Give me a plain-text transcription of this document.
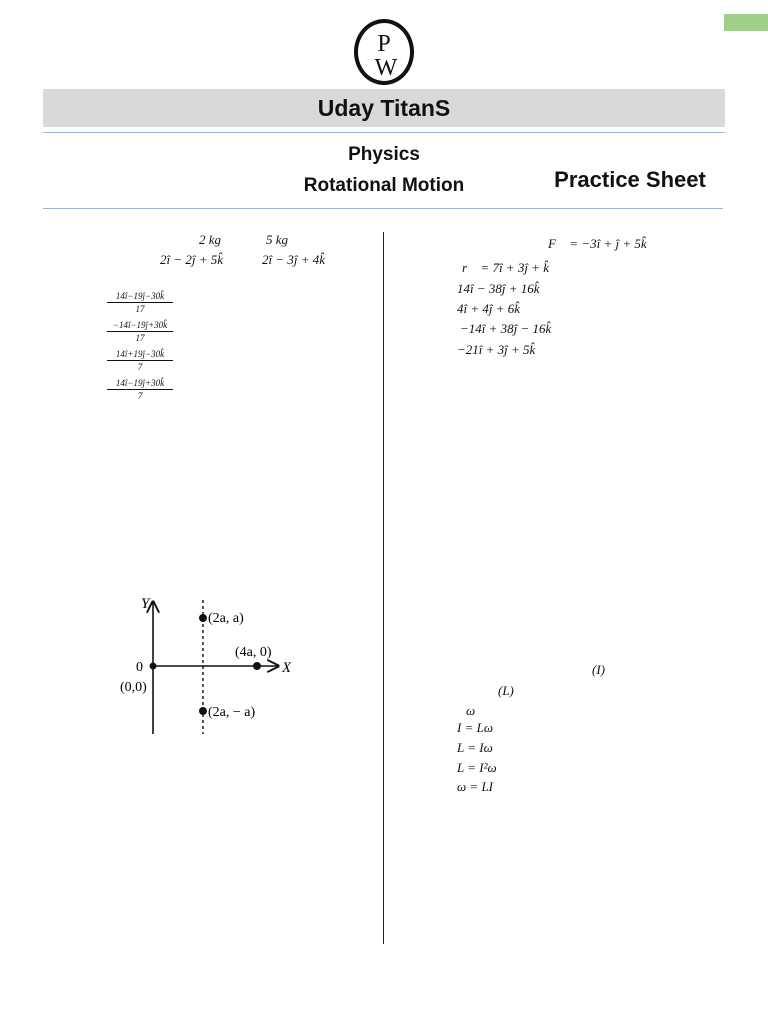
P
W
Uday TitanS
Physics
Rotational Motion	Practice Sheet
2 kg	5 kg
2î − 2ĵ + 5k̂	2î − 3ĵ + 4k̂
$\frac{14î-19ĵ-30k̂}{17}$
$\frac{-14î-19ĵ+30k̂}{17}$
$\frac{14î+19ĵ-30k̂}{7}$
$\frac{14î-19ĵ+30k̂}{7}$
Y
X
0
(0,0)
(2a, a)
(4a, 0)
(2a, − a)
F⃗ = −3î + ĵ + 5k̂
r⃗ = 7î + 3ĵ + k̂
14î − 38ĵ + 16k̂
4î + 4ĵ + 6k̂
−14î + 38ĵ − 16k̂
−21î + 3ĵ + 5k̂
(I)
(L)
ω
I = Lω
L = Iω
L = I²ω
ω = LI
